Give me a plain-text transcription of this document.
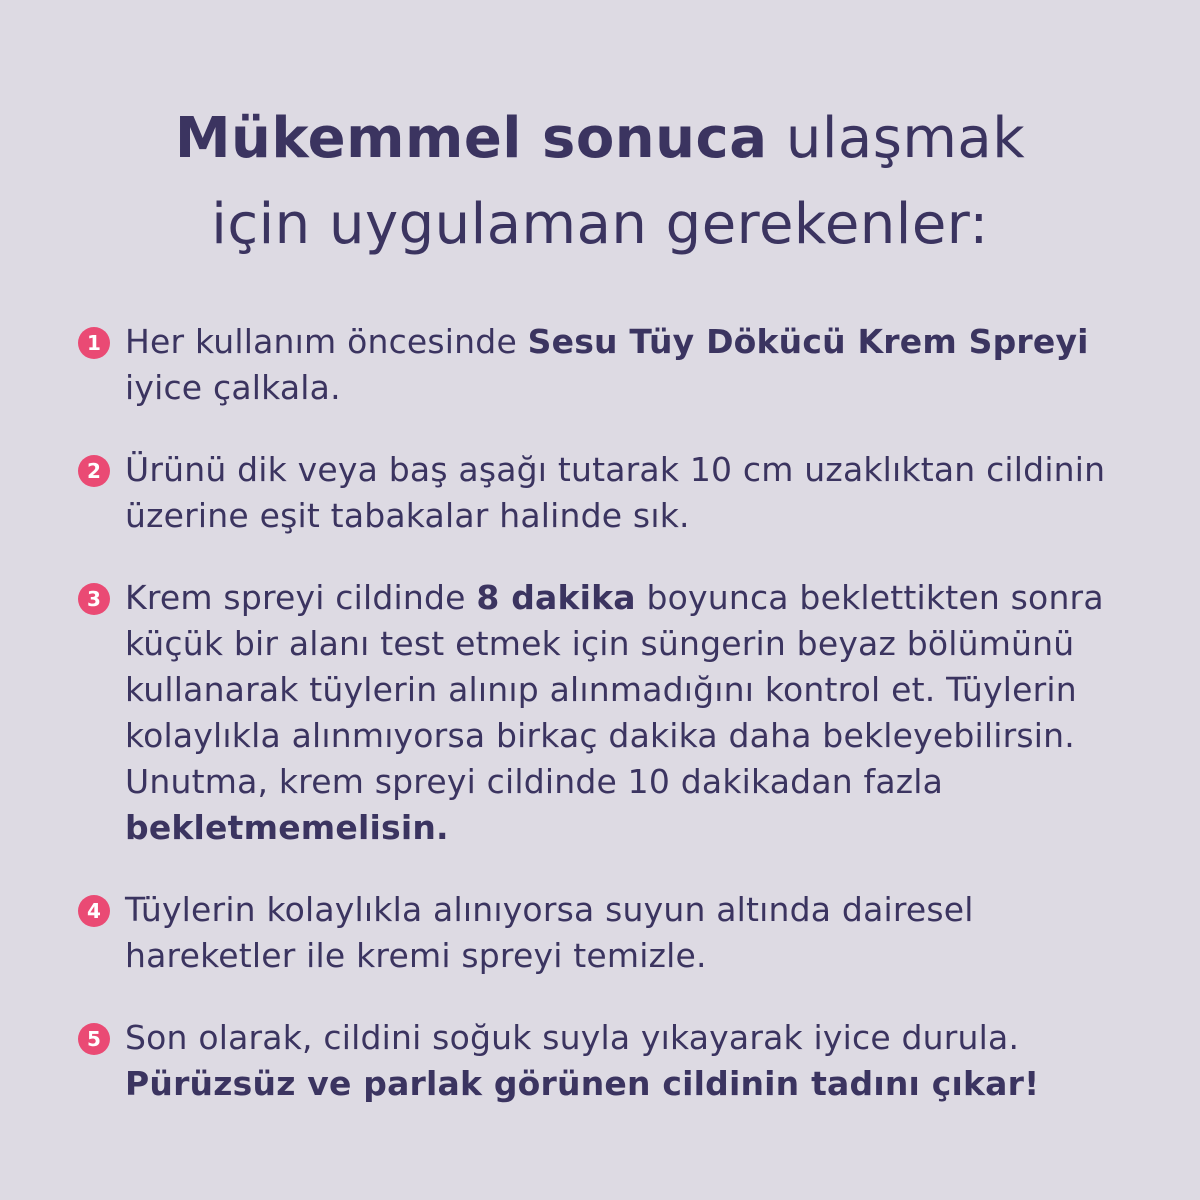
Mükemmel sonuca ulaşmak
için uygulaman gerekenler:
1 Her kullanım öncesinde Sesu Tüy Dökücü Krem Spreyi
iyice çalkala.
2 Ürünü dik veya baş aşağı tutarak 10 cm uzaklıktan cildinin üzerine eşit tabakalar halinde sık.
3 Krem spreyi cildinde 8 dakika boyunca beklettikten sonra küçük bir alanı test etmek için süngerin beyaz bölümünü kullanarak tüylerin alınıp alınmadığını kontrol et. Tüylerin kolaylıkla alınmıyorsa birkaç dakika daha bekleyebilirsin. Unutma, krem spreyi cildinde 10 dakikadan fazla bekletmemelisin.
4 Tüylerin kolaylıkla alınıyorsa suyun altında dairesel hareketler ile kremi spreyi temizle.
5 Son olarak, cildini soğuk suyla yıkayarak iyice durula.
Pürüzsüz ve parlak görünen cildinin tadını çıkar!
